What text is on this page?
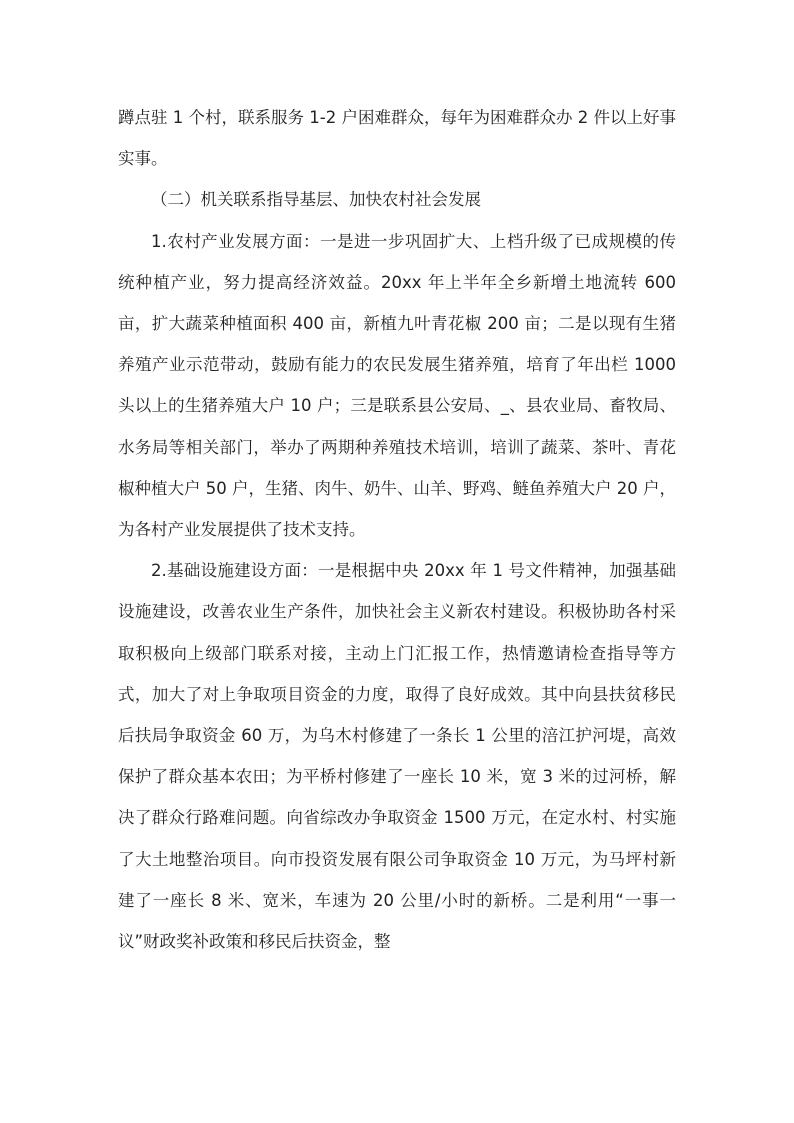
蹲点驻 1 个村，联系服务 1-2 户困难群众，每年为困难群众办 2 件以上好事实事。

（二）机关联系指导基层、加快农村社会发展

1.农村产业发展方面：一是进一步巩固扩大、上档升级了已成规模的传统种植产业，努力提高经济效益。20xx 年上半年全乡新增土地流转 600 亩，扩大蔬菜种植面积 400 亩，新植九叶青花椒 200 亩；二是以现有生猪养殖产业示范带动，鼓励有能力的农民发展生猪养殖，培育了年出栏 1000 头以上的生猪养殖大户 10 户；三是联系县公安局、_、县农业局、畜牧局、水务局等相关部门，举办了两期种养殖技术培训，培训了蔬菜、茶叶、青花椒种植大户 50 户，生猪、肉牛、奶牛、山羊、野鸡、鲢鱼养殖大户 20 户，为各村产业发展提供了技术支持。

2.基础设施建设方面：一是根据中央 20xx 年 1 号文件精神，加强基础设施建设，改善农业生产条件，加快社会主义新农村建设。积极协助各村采取积极向上级部门联系对接，主动上门汇报工作，热情邀请检查指导等方式，加大了对上争取项目资金的力度，取得了良好成效。其中向县扶贫移民后扶局争取资金 60 万，为乌木村修建了一条长 1 公里的涪江护河堤，高效保护了群众基本农田；为平桥村修建了一座长 10 米，宽 3 米的过河桥，解决了群众行路难问题。向省综改办争取资金 1500 万元，在定水村、村实施了大土地整治项目。向市投资发展有限公司争取资金 10 万元，为马坪村新建了一座长 8 米、宽米，车速为 20 公里/小时的新桥。二是利用“一事一议”财政奖补政策和移民后扶资金，整
